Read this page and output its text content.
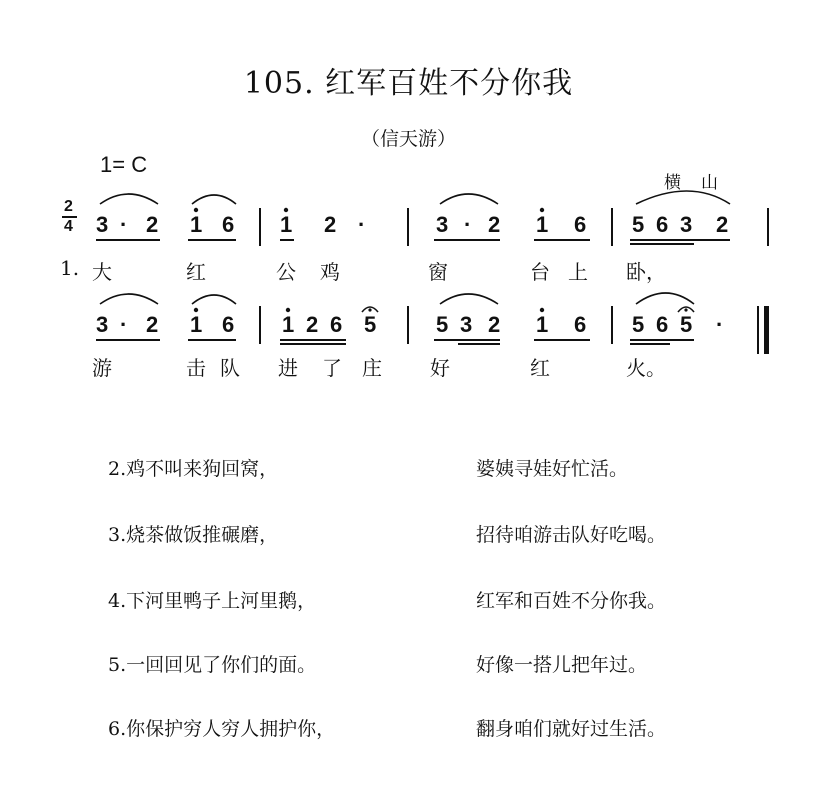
105. 红军百姓不分你我
（信天游）
1= C
横山
2
4 3 · 2 1 6 1 2 ·	3 · 2 1 6 5 6 3 2
1. 大	红	公 鸡	窗	台 上 卧，
3 · 2 1 6 1 2 6 5	5 3 2 1 6 5 6 5 ·
游	击 队 进 了 庄 好	红	火。
2.鸡不叫来狗回窝，	婆姨寻娃好忙活。
3.烧茶做饭推碾磨，	招待咱游击队好吃喝。
4.下河里鸭子上河里鹅，	红军和百姓不分你我。
5.一回回见了你们的面。	好像一搭儿把年过。
6.你保护穷人穷人拥护你，	翻身咱们就好过生活。
